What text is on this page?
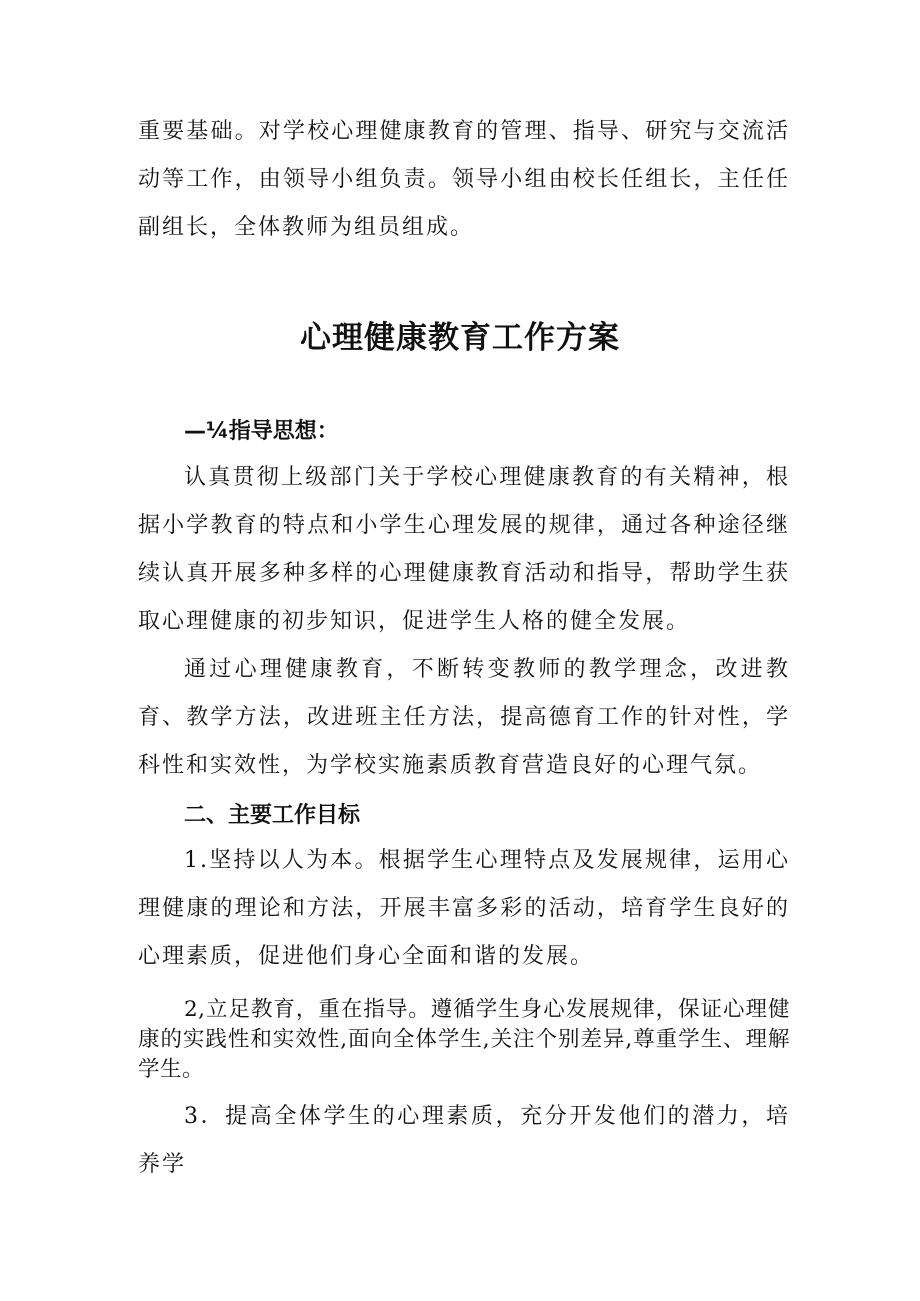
重要基础。对学校心理健康教育的管理、指导、研究与交流活动等工作，由领导小组负责。领导小组由校长任组长，主任任副组长，全体教师为组员组成。

心理健康教育工作方案
—¼指导思想：

认真贯彻上级部门关于学校心理健康教育的有关精神，根据小学教育的特点和小学生心理发展的规律，通过各种途径继续认真开展多种多样的心理健康教育活动和指导，帮助学生获取心理健康的初步知识，促进学生人格的健全发展。

通过心理健康教育，不断转变教师的教学理念，改进教育、教学方法，改进班主任方法，提高德育工作的针对性，学科性和实效性，为学校实施素质教育营造良好的心理气氛。

二、主要工作目标

1.坚持以人为本。根据学生心理特点及发展规律，运用心理健康的理论和方法，开展丰富多彩的活动，培育学生良好的心理素质，促进他们身心全面和谐的发展。

2,立足教育，重在指导。遵循学生身心发展规律，保证心理健康的实践性和实效性,面向全体学生,关注个别差异,尊重学生、理解学生。

3．提高全体学生的心理素质，充分开发他们的潜力，培养学
